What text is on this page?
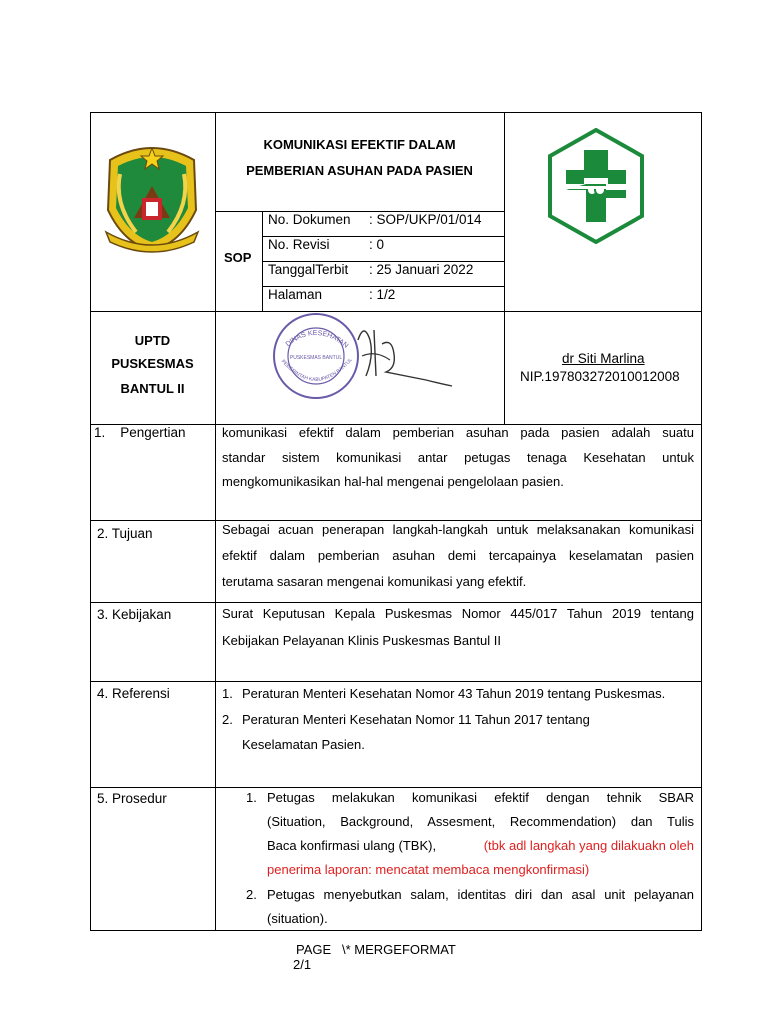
KOMUNIKASI EFEKTIF DALAM
PEMBERIAN ASUHAN PADA PASIEN
SOP
No. Dokumen : SOP/UKP/01/014
No. Revisi	: 0
TanggalTerbit : 25 Januari 2022
Halaman	: 1/2
UPTD
PUSKESMAS
BANTUL II
DINAS KESEHATAN
PEMERINTAH KABUPATEN BANTUL
PUSKESMAS BANTUL	dr Siti Marlina
NIP.197803272010012008
1.    Pengertian	komunikasi efektif dalam pemberian asuhan pada pasien adalah suatu
standar sistem komunikasi antar petugas tenaga Kesehatan untuk
mengkomunikasikan hal-hal mengenai pengelolaan pasien.
2. Tujuan	Sebagai acuan penerapan langkah-langkah untuk melaksanakan komunikasi
efektif dalam pemberian asuhan demi tercapainya keselamatan pasien
terutama sasaran mengenai komunikasi yang efektif.
3. Kebijakan	Surat Keputusan Kepala Puskesmas Nomor 445/017 Tahun 2019 tentang
Kebijakan Pelayanan Klinis Puskesmas Bantul II
4. Referensi	1. Peraturan Menteri Kesehatan Nomor 43 Tahun 2019 tentang Puskesmas.
2. Peraturan Menteri Kesehatan Nomor 11 Tahun 2017 tentang
Keselamatan Pasien.
5. Prosedur	1. Petugas melakukan komunikasi efektif dengan tehnik SBAR
(Situation, Background, Assesment, Recommendation) dan Tulis
Baca konfirmasi ulang (TBK),	(tbk adl langkah yang dilakuakn oleh
penerima laporan: mencatat membaca mengkonfirmasi)
2. Petugas menyebutkan salam, identitas diri dan asal unit pelayanan
(situation).
PAGE   \* MERGEFORMAT
2/1
